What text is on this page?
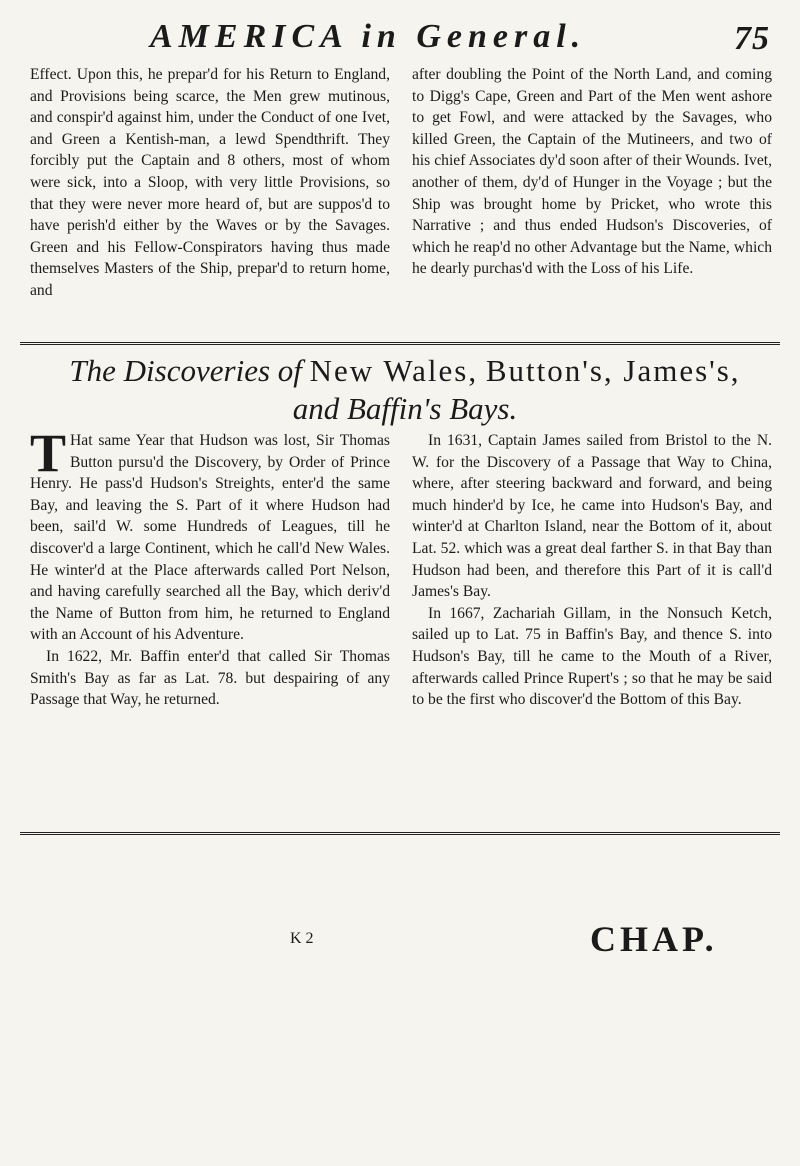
AMERICA in General.	75

Effect. Upon this, he prepar'd for his Return to England, and Provisions being scarce, the Men grew mutinous, and conspir'd against him, under the Conduct of one Ivet, and Green a Kentish-man, a lewd Spendthrift. They forcibly put the Captain and 8 others, most of whom were sick, into a Sloop, with very little Provisions, so that they were never more heard of, but are suppos'd to have perish'd either by the Waves or by the Savages. Green and his Fellow-Conspirators having thus made themselves Masters of the Ship, prepar'd to return home, and

after doubling the Point of the North Land, and coming to Digg's Cape, Green and Part of the Men went ashore to get Fowl, and were attacked by the Savages, who killed Green, the Captain of the Mutineers, and two of his chief Associates dy'd soon after of their Wounds. Ivet, another of them, dy'd of Hunger in the Voyage ; but the Ship was brought home by Pricket, who wrote this Narrative ; and thus ended Hudson's Discoveries, of which he reap'd no other Advantage but the Name, which he dearly purchas'd with the Loss of his Life.

The Discoveries of New Wales, Button's, James's,
and Baffin's Bays.

T Hat same Year that Hudson was lost, Sir Thomas Button pursu'd the Discovery, by Order of Prince Henry. He pass'd Hudson's Streights, enter'd the same Bay, and leaving the S. Part of it where Hudson had been, sail'd W. some Hundreds of Leagues, till he discover'd a large Continent, which he call'd New Wales. He winter'd at the Place afterwards called Port Nelson, and having carefully searched all the Bay, which deriv'd the Name of Button from him, he returned to England with an Account of his Adventure.

In 1622, Mr. Baffin enter'd that called Sir Thomas Smith's Bay as far as Lat. 78. but despairing of any Passage that Way, he returned.

In 1631, Captain James sailed from Bristol to the N. W. for the Discovery of a Passage that Way to China, where, after steering backward and forward, and being much hinder'd by Ice, he came into Hudson's Bay, and winter'd at Charlton Island, near the Bottom of it, about Lat. 52. which was a great deal farther S. in that Bay than Hudson had been, and therefore this Part of it is call'd James's Bay.

In 1667, Zachariah Gillam, in the Nonsuch Ketch, sailed up to Lat. 75 in Baffin's Bay, and thence S. into Hudson's Bay, till he came to the Mouth of a River, afterwards called Prince Rupert's ; so that he may be said to be the first who discover'd the Bottom of this Bay.

K 2	CHAP.
